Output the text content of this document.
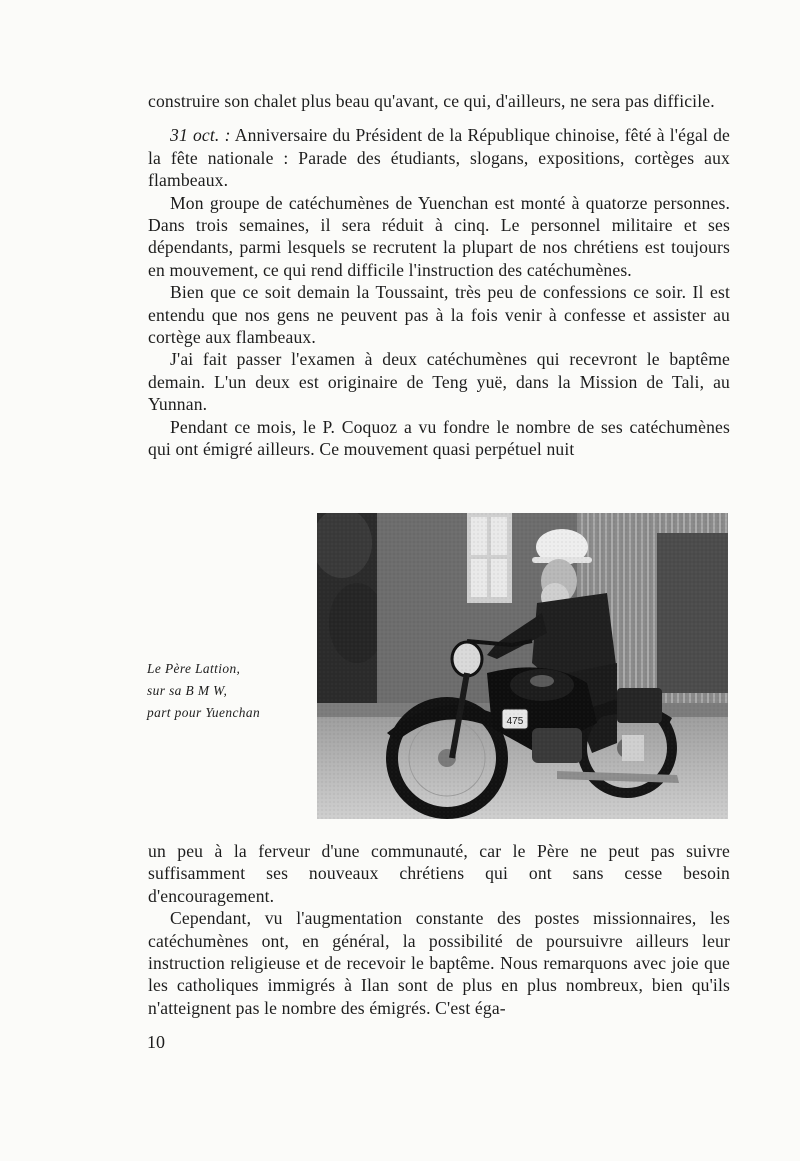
construire son chalet plus beau qu'avant, ce qui, d'ailleurs, ne sera pas difficile.

31 oct. : Anniversaire du Président de la République chinoise, fêté à l'égal de la fête nationale : Parade des étudiants, slogans, expositions, cortèges aux flambeaux.

Mon groupe de catéchumènes de Yuenchan est monté à quatorze personnes. Dans trois semaines, il sera réduit à cinq. Le personnel militaire et ses dépendants, parmi lesquels se recrutent la plupart de nos chrétiens est toujours en mouvement, ce qui rend difficile l'instruction des catéchumènes.

Bien que ce soit demain la Toussaint, très peu de confessions ce soir. Il est entendu que nos gens ne peuvent pas à la fois venir à confesse et assister au cortège aux flambeaux.

J'ai fait passer l'examen à deux catéchumènes qui recevront le baptême demain. L'un deux est originaire de Teng yuë, dans la Mission de Tali, au Yunnan.

Pendant ce mois, le P. Coquoz a vu fondre le nombre de ses catéchumènes qui ont émigré ailleurs. Ce mouvement quasi perpétuel nuit

Le Père Lattion,
sur sa B M W,
part pour Yuenchan

un peu à la ferveur d'une communauté, car le Père ne peut pas suivre suffisamment ses nouveaux chrétiens qui ont sans cesse besoin d'encouragement.

Cependant, vu l'augmentation constante des postes missionnaires, les catéchumènes ont, en général, la possibilité de poursuivre ailleurs leur instruction religieuse et de recevoir le baptême. Nous remarquons avec joie que les catholiques immigrés à Ilan sont de plus en plus nombreux, bien qu'ils n'atteignent pas le nombre des émigrés. C'est éga-

10
